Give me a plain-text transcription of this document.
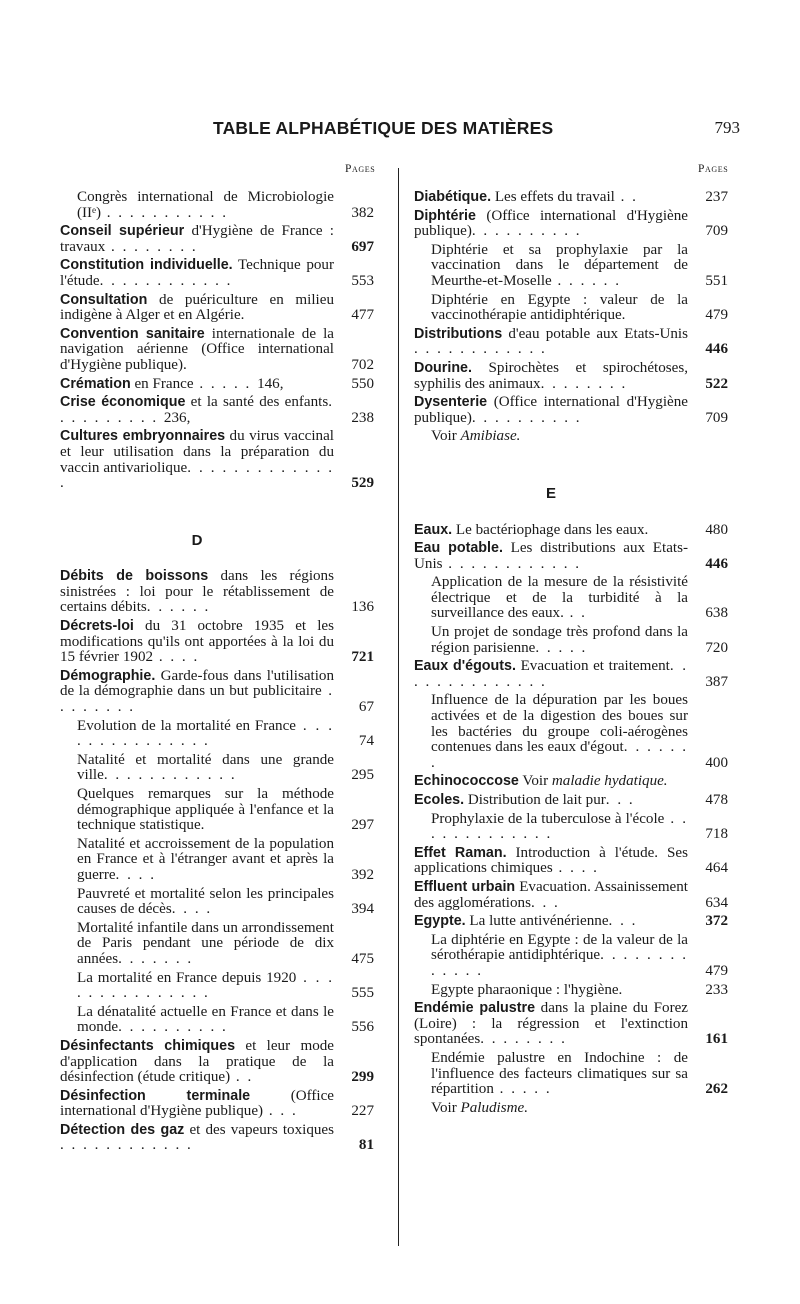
TABLE ALPHABÉTIQUE DES MATIÈRES	793
Pages	Pages
Congrès international de Microbiologie (IIᵉ) . . . . . . . . . . .	382
Conseil supérieur d'Hygiène de France : travaux . . . . . . . .	697
Constitution individuelle. Technique pour l'étude. . . . . . . . . . . .	553
Consultation de puériculture en milieu indigène à Alger et en Algérie.	477
Convention sanitaire internationale de la navigation aérienne (Office international d'Hygiène publique).	702
Crémation en France . . . . . 146,	550
Crise économique et la santé des enfants. . . . . . . . . . 236,	238
Cultures embryonnaires du virus vaccinal et leur utilisation dans la préparation du vaccin antivariolique. . . . . . . . . . . . . .	529
D
Débits de boissons dans les régions sinistrées : loi pour le rétablissement de certains débits. . . . . .	136
Décrets-loi du 31 octobre 1935 et les modifications qu'ils ont apportées à la loi du 15 février 1902 . . . .	721
Démographie. Garde-fous dans l'utilisation de la démographie dans un but publicitaire . . . . . . . .	67
Evolution de la mortalité en France . . . . . . . . . . . . . . .	74
Natalité et mortalité dans une grande ville. . . . . . . . . . . .	295
Quelques remarques sur la méthode démographique appliquée à l'enfance et la technique statistique.	297
Natalité et accroissement de la population en France et à l'étranger avant et après la guerre. . . .	392
Pauvreté et mortalité selon les principales causes de décès. . . .	394
Mortalité infantile dans un arrondissement de Paris pendant une période de dix années. . . . . . .	475
La mortalité en France depuis 1920 . . . . . . . . . . . . . . .	555
La dénatalité actuelle en France et dans le monde. . . . . . . . . .	556
Désinfectants chimiques et leur mode d'application dans la pratique de la désinfection (étude critique) . .	299
Désinfection terminale (Office international d'Hygiène publique) . . .	227
Détection des gaz et des vapeurs toxiques . . . . . . . . . . . .	81
Diabétique. Les effets du travail . .	237
Diphtérie (Office international d'Hygiène publique). . . . . . . . . .	709
Diphtérie et sa prophylaxie par la vaccination dans le département de Meurthe-et-Moselle . . . . . .	551
Diphtérie en Egypte : valeur de la vaccinothérapie antidiphtérique.	479
Distributions d'eau potable aux Etats-Unis . . . . . . . . . . . .	446
Dourine. Spirochètes et spirochétoses, syphilis des animaux. . . . . . . .	522
Dysenterie (Office international d'Hygiène publique). . . . . . . . . .	709
Voir Amibiase.
E
Eaux. Le bactériophage dans les eaux.	480
Eau potable. Les distributions aux Etats-Unis . . . . . . . . . . . .	446
Application de la mesure de la résistivité électrique et de la turbidité à la surveillance des eaux. . .	638
Un projet de sondage très profond dans la région parisienne. . . . .	720
Eaux d'égouts. Evacuation et traitement. . . . . . . . . . . . . .	387
Influence de la dépuration par les boues activées et de la digestion des boues sur les bactéries du groupe coli-aérogènes contenues dans les eaux d'égout. . . . . . .	400
Echinococcose Voir maladie hydatique.
Ecoles. Distribution de lait pur. . .	478
Prophylaxie de la tuberculose à l'école . . . . . . . . . . . . .	718
Effet Raman. Introduction à l'étude. Ses applications chimiques . . . .	464
Effluent urbain Evacuation. Assainissement des agglomérations. . .	634
Egypte. La lutte antivénérienne. . .	372
La diphtérie en Egypte : de la valeur de la sérothérapie antidiphtérique. . . . . . . . . . . . .	479
Egypte pharaonique : l'hygiène.	233
Endémie palustre dans la plaine du Forez (Loire) : la régression et l'extinction spontanées. . . . . . . .	161
Endémie palustre en Indochine : de l'influence des facteurs climatiques sur sa répartition . . . . .	262
Voir Paludisme.
